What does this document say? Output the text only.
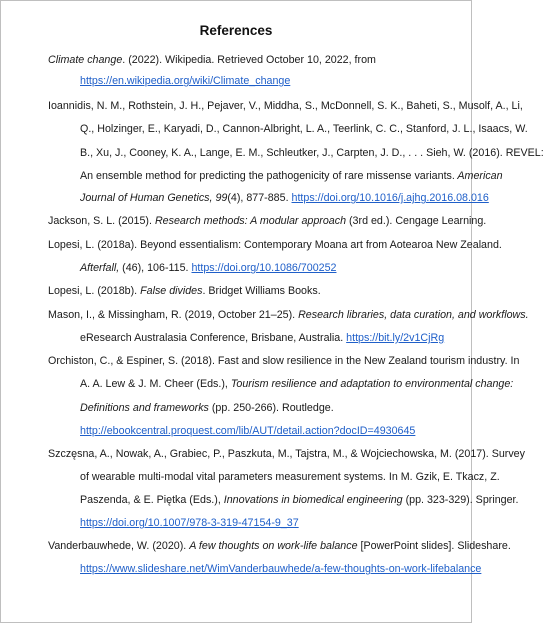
References
Climate change. (2022). Wikipedia. Retrieved October 10, 2022, from
https://en.wikipedia.org/wiki/Climate_change
Ioannidis, N. M., Rothstein, J. H., Pejaver, V., Middha, S., McDonnell, S. K., Baheti, S., Musolf, A., Li,
Q., Holzinger, E., Karyadi, D., Cannon-Albright, L. A., Teerlink, C. C., Stanford, J. L., Isaacs, W.
B., Xu, J., Cooney, K. A., Lange, E. M., Schleutker, J., Carpten, J. D., . . . Sieh, W. (2016). REVEL:
An ensemble method for predicting the pathogenicity of rare missense variants. American
Journal of Human Genetics, 99(4), 877-885. https://doi.org/10.1016/j.ajhg.2016.08.016
Jackson, S. L. (2015). Research methods: A modular approach (3rd ed.). Cengage Learning.
Lopesi, L. (2018a). Beyond essentialism: Contemporary Moana art from Aotearoa New Zealand.
Afterfall, (46), 106-115. https://doi.org/10.1086/700252
Lopesi, L. (2018b). False divides. Bridget Williams Books.
Mason, I., & Missingham, R. (2019, October 21–25). Research libraries, data curation, and workflows.
eResearch Australasia Conference, Brisbane, Australia. https://bit.ly/2v1CjRg
Orchiston, C., & Espiner, S. (2018). Fast and slow resilience in the New Zealand tourism industry. In
A. A. Lew & J. M. Cheer (Eds.), Tourism resilience and adaptation to environmental change:
Definitions and frameworks (pp. 250-266). Routledge.
http://ebookcentral.proquest.com/lib/AUT/detail.action?docID=4930645
Szczęsna, A., Nowak, A., Grabiec, P., Paszkuta, M., Tajstra, M., & Wojciechowska, M. (2017). Survey
of wearable multi-modal vital parameters measurement systems. In M. Gzik, E. Tkacz, Z.
Paszenda, & E. Piętka (Eds.), Innovations in biomedical engineering (pp. 323-329). Springer.
https://doi.org/10.1007/978-3-319-47154-9_37
Vanderbauwhede, W. (2020). A few thoughts on work-life balance [PowerPoint slides]. Slideshare.
https://www.slideshare.net/WimVanderbauwhede/a-few-thoughts-on-work-lifebalance
